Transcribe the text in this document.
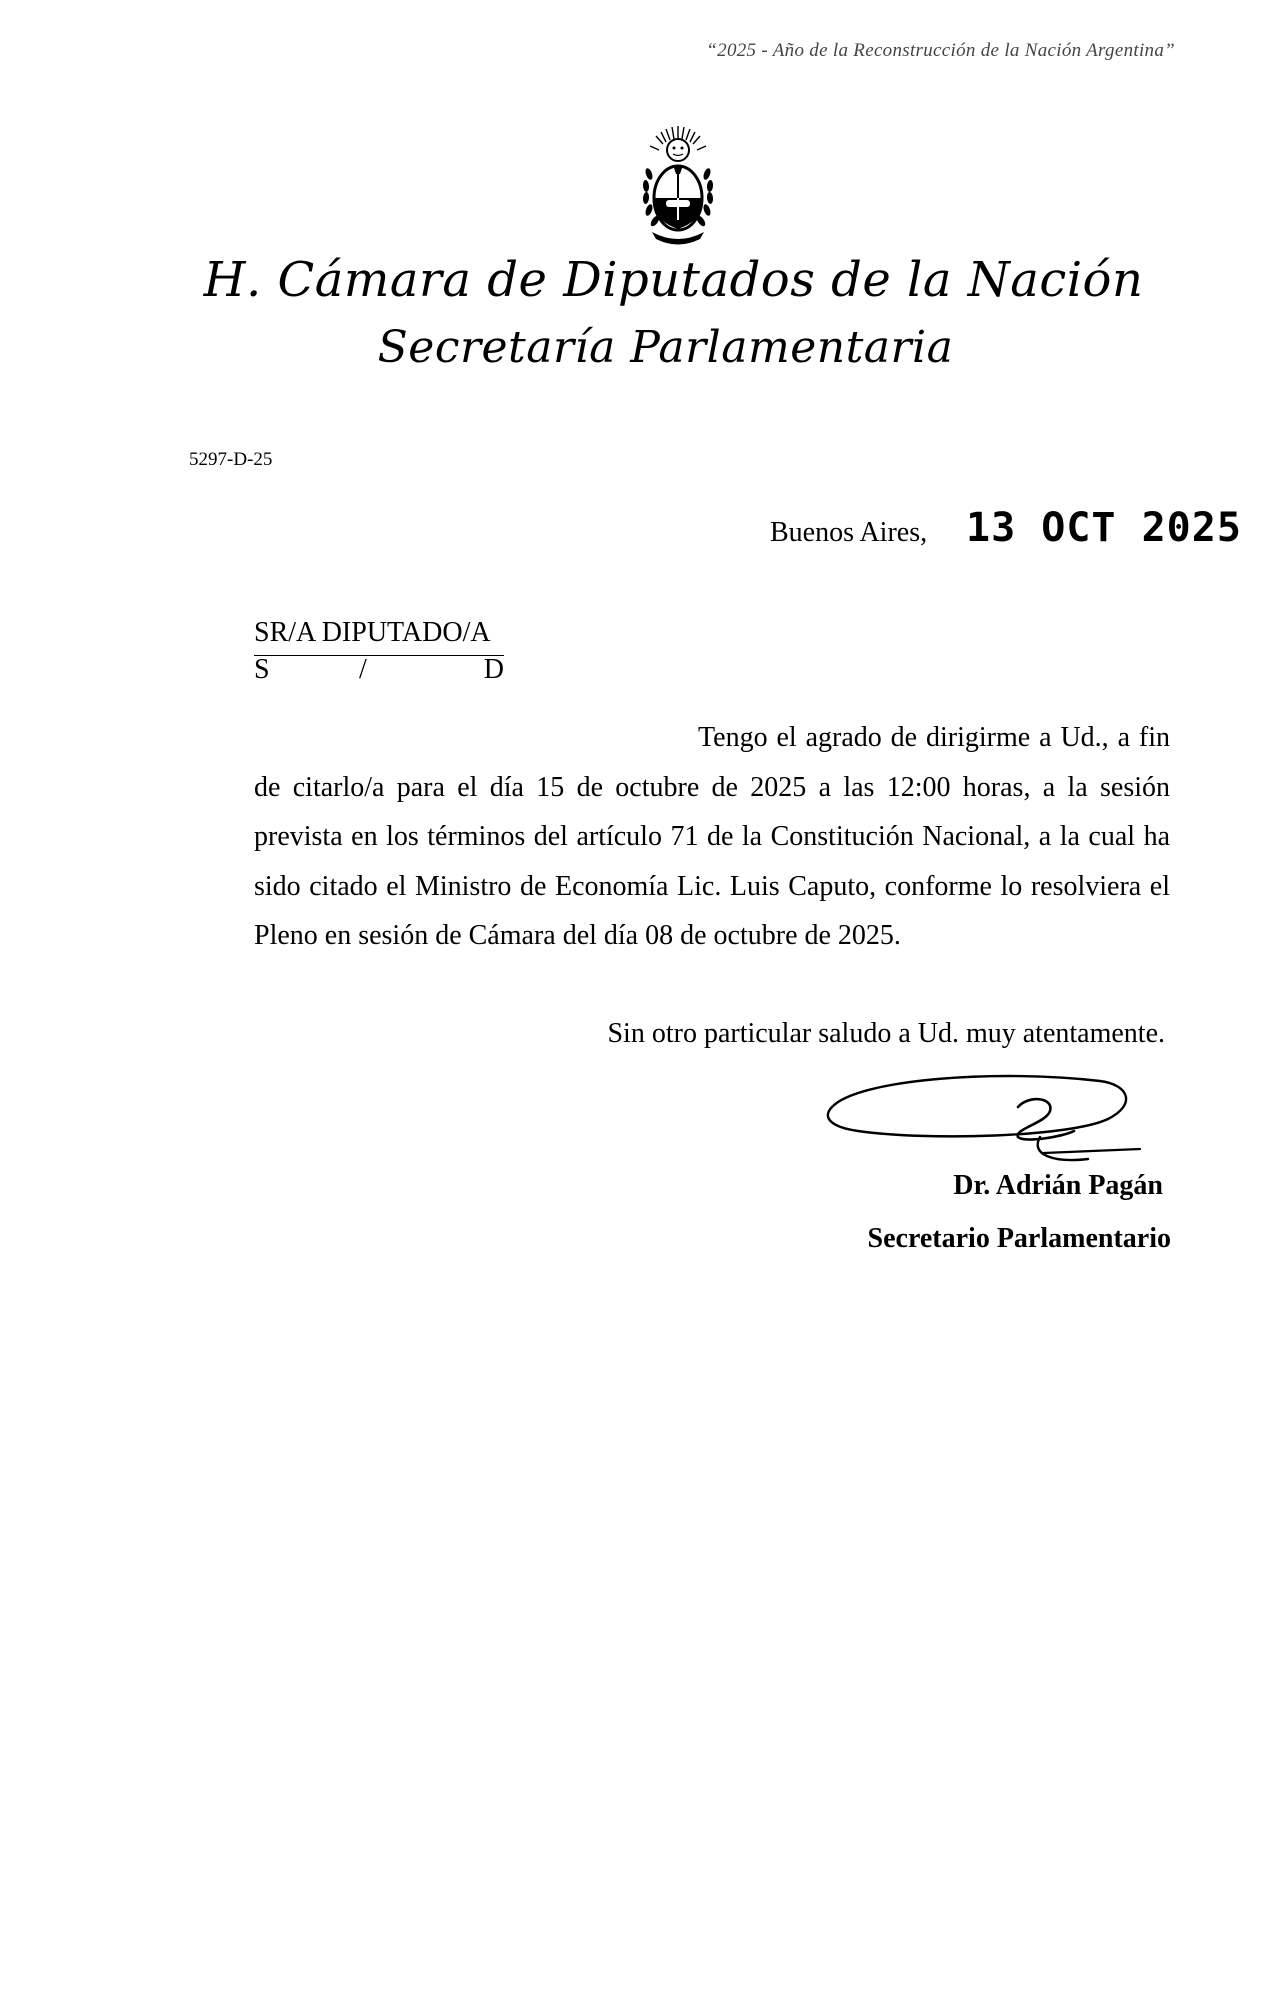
“2025 - Año de la Reconstrucción de la Nación Argentina”
H. Cámara de Diputados de la Nación
Secretaría Parlamentaria
5297-D-25
Buenos Aires, 13 OCT 2025
SR/A DIPUTADO/A
S	/	D
Tengo el agrado de dirigirme a Ud., a fin de citarlo/a para el día 15 de octubre de 2025 a las 12:00 horas, a la sesión prevista en los términos del artículo 71 de la Constitución Nacional, a la cual ha sido citado el Ministro de Economía Lic. Luis Caputo, conforme lo resolviera el Pleno en sesión de Cámara del día 08 de octubre de 2025.
Sin otro particular saludo a Ud. muy atentamente.
Dr. Adrián Pagán
Secretario Parlamentario
